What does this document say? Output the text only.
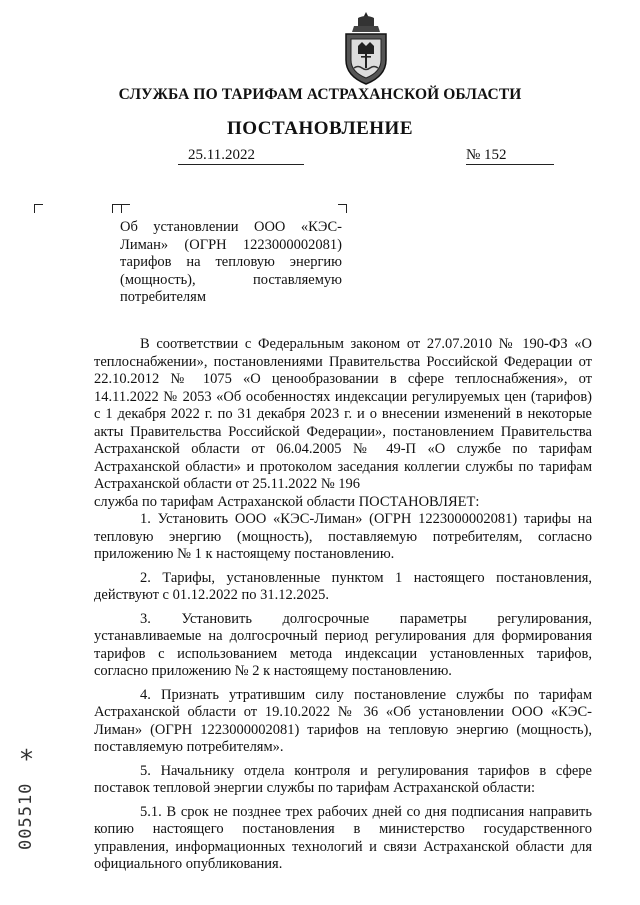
СЛУЖБА ПО ТАРИФАМ АСТРАХАНСКОЙ ОБЛАСТИ
ПОСТАНОВЛЕНИЕ
25.11.2022	№ 152
Об установлении ООО «КЭС-Лиман» (ОГРН 1223000002081) тарифов на тепловую энергию (мощность), поставляемую потребителям

В соответствии с Федеральным законом от 27.07.2010 № 190-ФЗ «О теплоснабжении», постановлениями Правительства Российской Федерации от 22.10.2012 № 1075 «О ценообразовании в сфере теплоснабжения», от 14.11.2022 № 2053 «Об особенностях индексации регулируемых цен (тарифов) с 1 декабря 2022 г. по 31 декабря 2023 г. и о внесении изменений в некоторые акты Правительства Российской Федерации», постановлением Правительства Астраханской области от 06.04.2005 № 49-П «О службе по тарифам Астраханской области» и протоколом заседания коллегии службы по тарифам Астраханской области от 25.11.2022 № 196

служба по тарифам Астраханской области ПОСТАНОВЛЯЕТ:

1. Установить ООО «КЭС-Лиман» (ОГРН 1223000002081) тарифы на тепловую энергию (мощность), поставляемую потребителям, согласно приложению № 1 к настоящему постановлению.

2. Тарифы, установленные пунктом 1 настоящего постановления, действуют с 01.12.2022 по 31.12.2025.

3. Установить долгосрочные параметры регулирования, устанавливаемые на долгосрочный период регулирования для формирования тарифов с использованием метода индексации установленных тарифов, согласно приложению № 2 к настоящему постановлению.

4. Признать утратившим силу постановление службы по тарифам Астраханской области от 19.10.2022 № 36 «Об установлении ООО «КЭС-Лиман» (ОГРН 1223000002081) тарифов на тепловую энергию (мощность), поставляемую потребителям».

5. Начальнику отдела контроля и регулирования тарифов в сфере поставок тепловой энергии службы по тарифам Астраханской области:

5.1. В срок не позднее трех рабочих дней со дня подписания направить копию настоящего постановления в министерство государственного управления, информационных технологий и связи Астраханской области для официального опубликования.

*
005510
